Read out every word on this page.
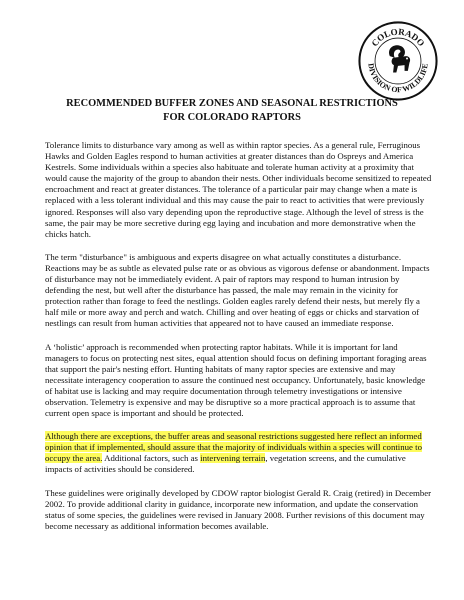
COLORADO
DIVISION OF WILDLIFE
RECOMMENDED BUFFER ZONES AND SEASONAL RESTRICTIONS
FOR COLORADO RAPTORS

Tolerance limits to disturbance vary among as well as within raptor species. As a general rule, Ferruginous Hawks and Golden Eagles respond to human activities at greater distances than do Ospreys and America Kestrels. Some individuals within a species also habituate and tolerate human activity at a proximity that would cause the majority of the group to abandon their nests. Other individuals become sensitized to repeated encroachment and react at greater distances. The tolerance of a particular pair may change when a mate is replaced with a less tolerant individual and this may cause the pair to react to activities that were previously ignored. Responses will also vary depending upon the reproductive stage. Although the level of stress is the same, the pair may be more secretive during egg laying and incubation and more demonstrative when the chicks hatch.

The term "disturbance" is ambiguous and experts disagree on what actually constitutes a disturbance. Reactions may be as subtle as elevated pulse rate or as obvious as vigorous defense or abandonment. Impacts of disturbance may not be immediately evident. A pair of raptors may respond to human intrusion by defending the nest, but well after the disturbance has passed, the male may remain in the vicinity for protection rather than forage to feed the nestlings. Golden eagles rarely defend their nests, but merely fly a half mile or more away and perch and watch. Chilling and over heating of eggs or chicks and starvation of nestlings can result from human activities that appeared not to have caused an immediate response.

A ‘holistic’ approach is recommended when protecting raptor habitats. While it is important for land managers to focus on protecting nest sites, equal attention should focus on defining important foraging areas that support the pair's nesting effort. Hunting habitats of many raptor species are extensive and may necessitate interagency cooperation to assure the continued nest occupancy. Unfortunately, basic knowledge of habitat use is lacking and may require documentation through telemetry investigations or intensive observation. Telemetry is expensive and may be disruptive so a more practical approach is to assume that current open space is important and should be protected.

Although there are exceptions, the buffer areas and seasonal restrictions suggested here reflect an informed opinion that if implemented, should assure that the majority of individuals within a species will continue to occupy the area. Additional factors, such as intervening terrain, vegetation screens, and the cumulative impacts of activities should be considered.

These guidelines were originally developed by CDOW raptor biologist Gerald R. Craig (retired) in December 2002. To provide additional clarity in guidance, incorporate new information, and update the conservation status of some species, the guidelines were revised in January 2008. Further revisions of this document may become necessary as additional information becomes available.
